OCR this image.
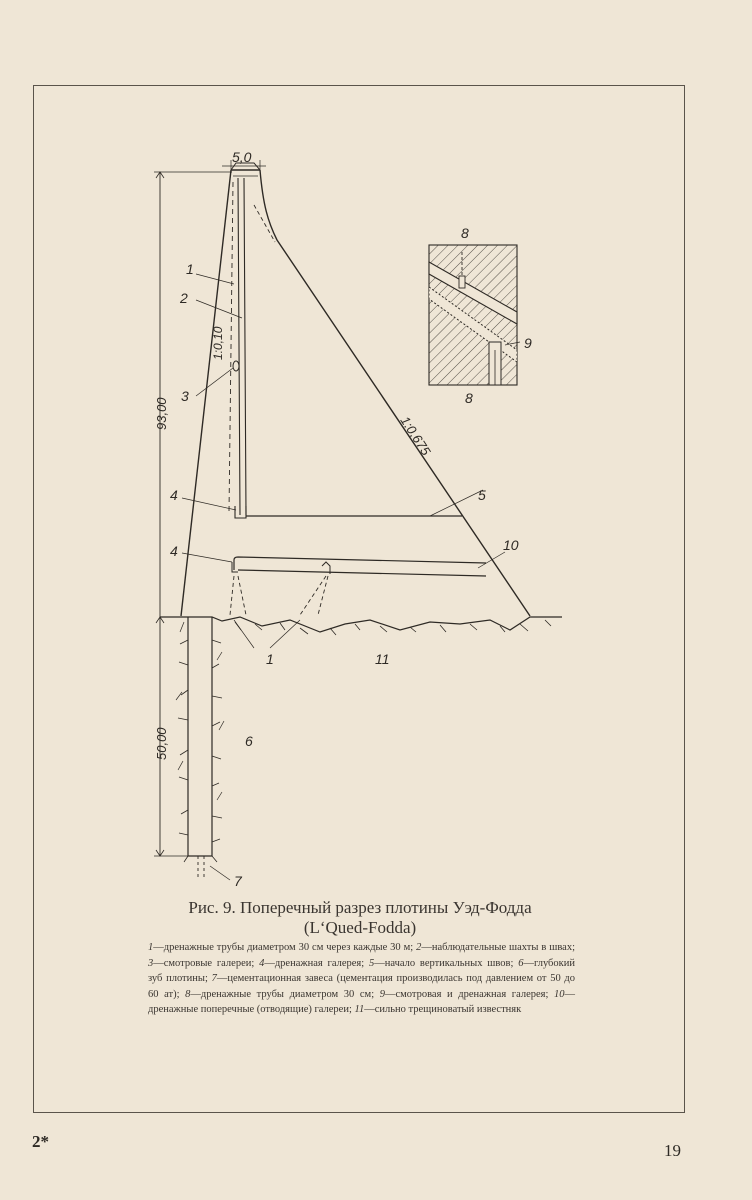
5,0
93,00
50,00
1:0,10
1:0,675
1
2
3
4
4
5
10
1	11
6
7
8
8
9
Рис. 9. Поперечный разрез плотины Уэд-Фодда
(L‘Qued-Fodda)
1—дренажные трубы диаметром 30 см через каждые 30 м; 2—наблюдательные шахты в швах; 3—смотровые галереи; 4—дренажная галерея; 5—начало вертикальных швов; 6—глубокий зуб плотины; 7—цементационная завеса (цементация производилась под давлением от 50 до 60 ат); 8—дренажные трубы диаметром 30 см; 9—смотровая и дренажная галерея; 10—дренажные поперечные (отводящие) галереи; 11—сильно трещиноватый известняк
2*	19
